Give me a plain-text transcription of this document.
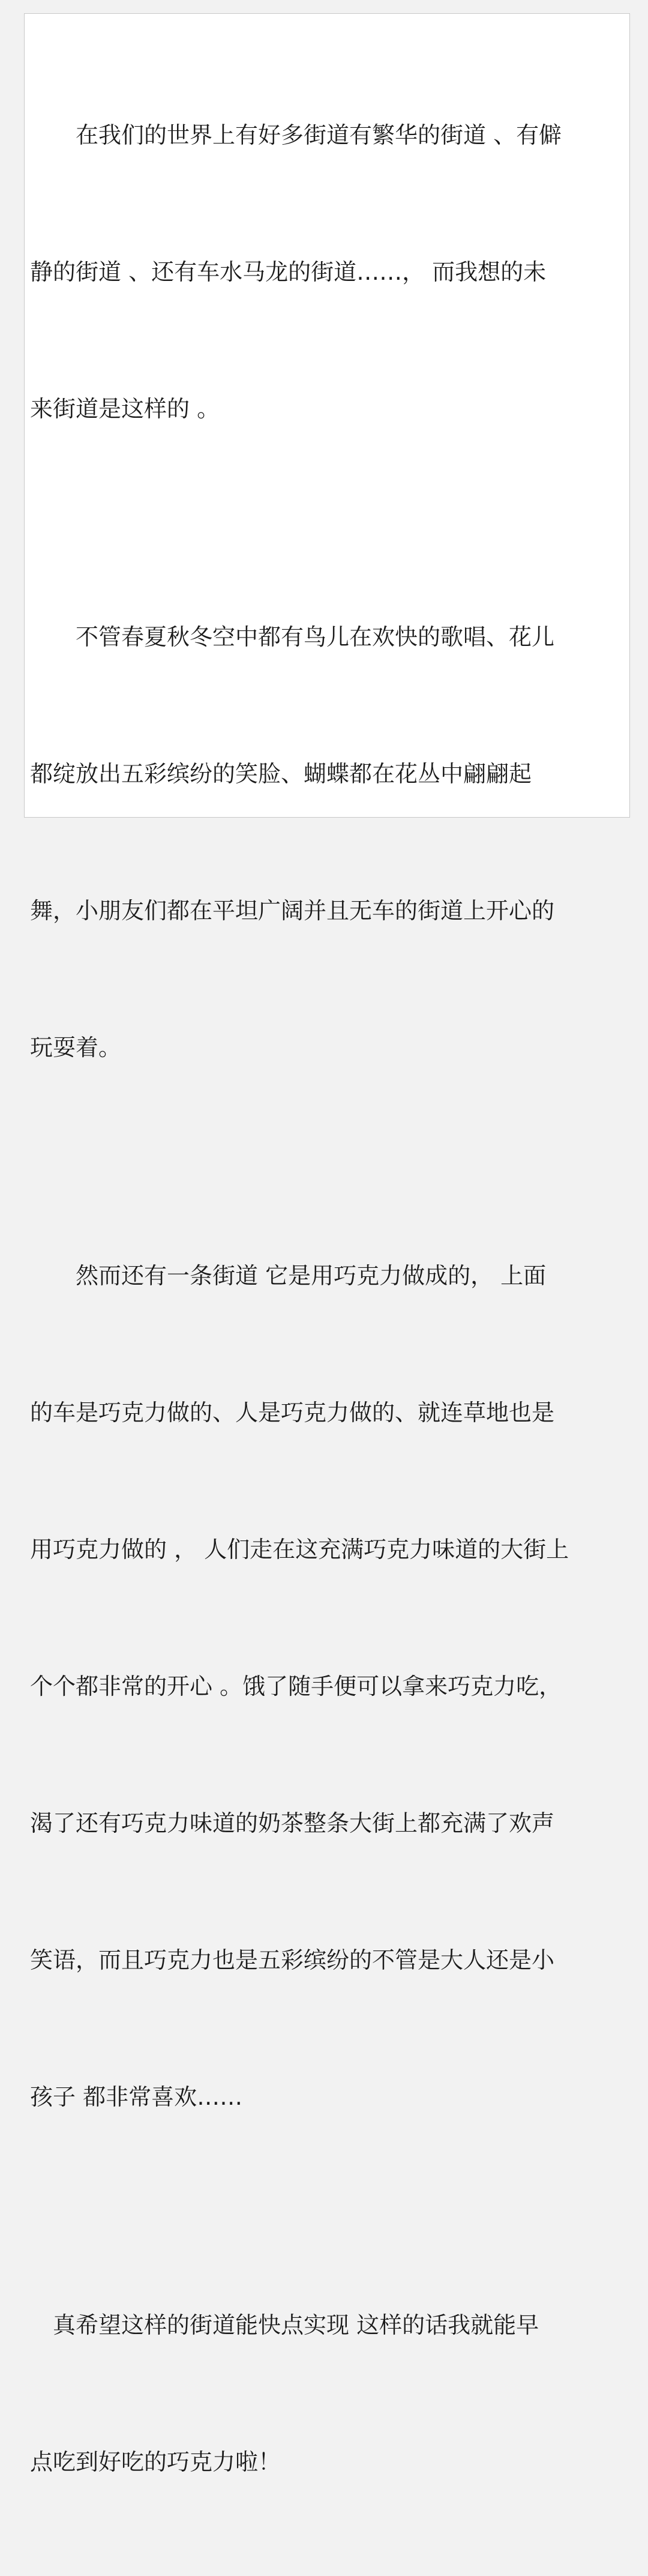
　　在我们的世界上有好多街道有繁华的街道 、有僻

静的街道 、还有车水马龙的街道……， 而我想的未

来街道是这样的 。

　　不管春夏秋冬空中都有鸟儿在欢快的歌唱、花儿

都绽放出五彩缤纷的笑脸、蝴蝶都在花丛中翩翩起

舞，小朋友们都在平坦广阔并且无车的街道上开心的

玩耍着。

　　然而还有一条街道 它是用巧克力做成的， 上面

的车是巧克力做的、人是巧克力做的、就连草地也是

用巧克力做的 ， 人们走在这充满巧克力味道的大街上

个个都非常的开心 。饿了随手便可以拿来巧克力吃，

渴了还有巧克力味道的奶茶整条大街上都充满了欢声

笑语，而且巧克力也是五彩缤纷的不管是大人还是小

孩子 都非常喜欢……

　真希望这样的街道能快点实现 这样的话我就能早

点吃到好吃的巧克力啦！
